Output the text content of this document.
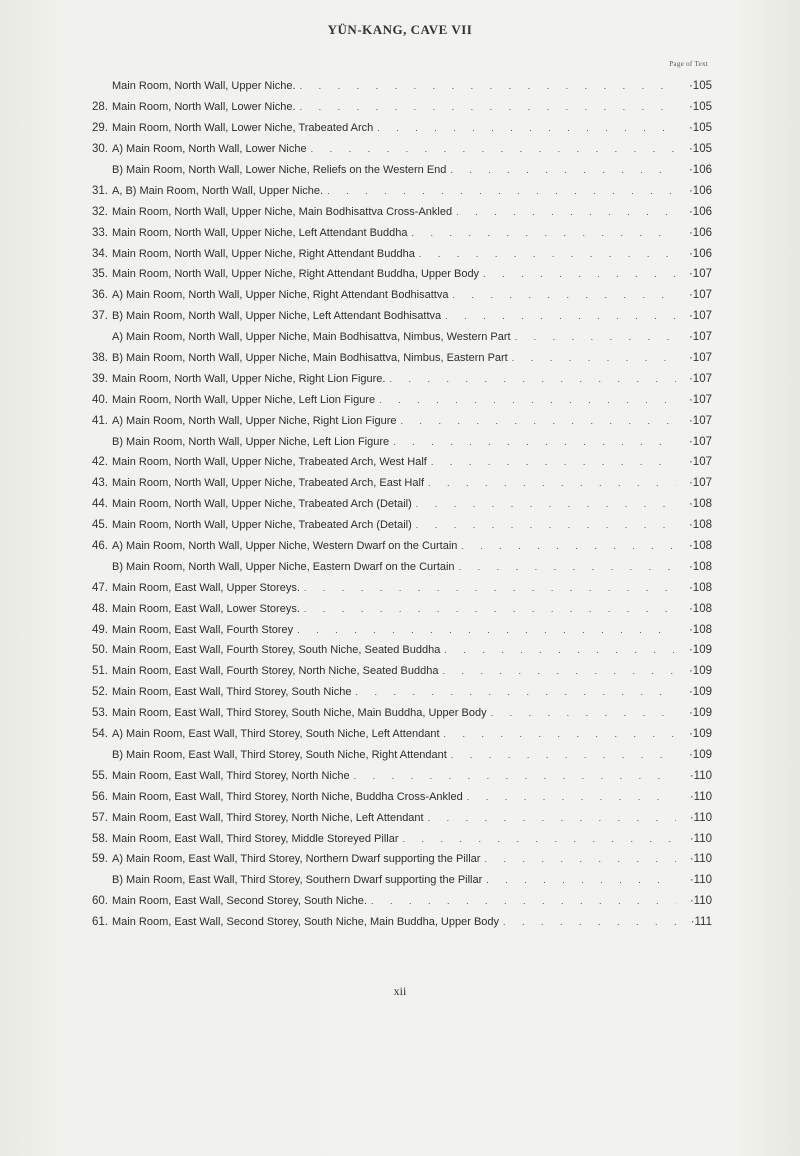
YÜN-KANG, CAVE VII
Page of Text
Main Room, North Wall, Upper Niche. . . .	·105
28. Main Room, North Wall, Lower Niche. . . .	·105
29. Main Room, North Wall, Lower Niche, Trabeated Arch . . .	·105
30. A) Main Room, North Wall, Lower Niche . . .	·105
B) Main Room, North Wall, Lower Niche, Reliefs on the Western End . . .	·106
31. A, B) Main Room, North Wall, Upper Niche. . . .	·106
32. Main Room, North Wall, Upper Niche, Main Bodhisattva Cross-Ankled . . .	·106
33. Main Room, North Wall, Upper Niche, Left Attendant Buddha . . .	·106
34. Main Room, North Wall, Upper Niche, Right Attendant Buddha . . .	·106
35. Main Room, North Wall, Upper Niche, Right Attendant Buddha, Upper Body . . .	·107
36. A) Main Room, North Wall, Upper Niche, Right Attendant Bodhisattva . . .	·107
37. B) Main Room, North Wall, Upper Niche, Left Attendant Bodhisattva . . .	·107
A) Main Room, North Wall, Upper Niche, Main Bodhisattva, Nimbus, Western Part . . .	·107
38. B) Main Room, North Wall, Upper Niche, Main Bodhisattva, Nimbus, Eastern Part . . .	·107
39. Main Room, North Wall, Upper Niche, Right Lion Figure. . . .	·107
40. Main Room, North Wall, Upper Niche, Left Lion Figure . . .	·107
41. A) Main Room, North Wall, Upper Niche, Right Lion Figure . . .	·107
B) Main Room, North Wall, Upper Niche, Left Lion Figure . . .	·107
42. Main Room, North Wall, Upper Niche, Trabeated Arch, West Half . . .	·107
43. Main Room, North Wall, Upper Niche, Trabeated Arch, East Half . . .	·107
44. Main Room, North Wall, Upper Niche, Trabeated Arch (Detail) . . .	·108
45. Main Room, North Wall, Upper Niche, Trabeated Arch (Detail) . . .	·108
46. A) Main Room, North Wall, Upper Niche, Western Dwarf on the Curtain . . .	·108
B) Main Room, North Wall, Upper Niche, Eastern Dwarf on the Curtain . . .	·108
47. Main Room, East Wall, Upper Storeys. . . .	·108
48. Main Room, East Wall, Lower Storeys. . . .	·108
49. Main Room, East Wall, Fourth Storey . . .	·108
50. Main Room, East Wall, Fourth Storey, South Niche, Seated Buddha . . .	·109
51. Main Room, East Wall, Fourth Storey, North Niche, Seated Buddha . . .	·109
52. Main Room, East Wall, Third Storey, South Niche . . .	·109
53. Main Room, East Wall, Third Storey, South Niche, Main Buddha, Upper Body . . .	·109
54. A) Main Room, East Wall, Third Storey, South Niche, Left Attendant . . .	·109
B) Main Room, East Wall, Third Storey, South Niche, Right Attendant . . .	·109
55. Main Room, East Wall, Third Storey, North Niche . . .	·110
56. Main Room, East Wall, Third Storey, North Niche, Buddha Cross-Ankled . . .	·110
57. Main Room, East Wall, Third Storey, North Niche, Left Attendant . . .	·110
58. Main Room, East Wall, Third Storey, Middle Storeyed Pillar . . .	·110
59. A) Main Room, East Wall, Third Storey, Northern Dwarf supporting the Pillar . . .	·110
B) Main Room, East Wall, Third Storey, Southern Dwarf supporting the Pillar . . .	·110
60. Main Room, East Wall, Second Storey, South Niche. . . .	·110
61. Main Room, East Wall, Second Storey, South Niche, Main Buddha, Upper Body . . .	·111
xii
